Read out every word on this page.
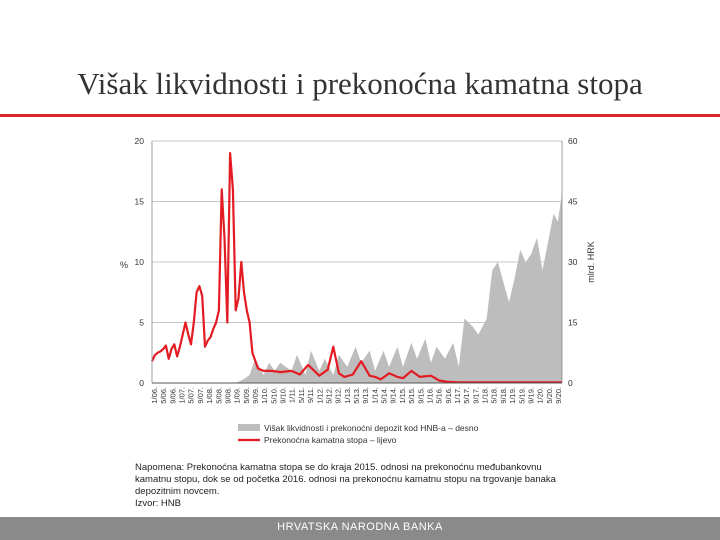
Višak likvidnosti i prekonoćna kamatna stopa
0
5
10
15
20
0
15
30
45
60
%	mlrd. HRK
1/06. 5/06. 9/06. 1/07. 5/07. 9/07. 1/08. 5/08. 9/08. 1/09. 5/09. 9/09. 1/10. 5/10. 9/10. 1/11. 5/11. 9/11. 1/12. 5/12. 9/12. 1/13. 5/13. 9/13. 1/14. 5/14. 9/14. 1/15. 5/15. 9/15. 1/16. 5/16. 9/16. 1/17. 5/17. 9/17. 1/18. 5/18. 9/18. 1/19. 5/19. 9/19. 1/20. 5/20. 9/20.
Višak likvidnosti i prekonoćni depozit kod HNB-a – desno
Prekonoćna kamatna stopa – lijevo
Napomena: Prekonoćna kamatna stopa se do kraja 2015. odnosi na prekonoćnu međubankovnu
kamatnu stopu, dok se od početka 2016. odnosi na prekonoćnu kamatnu stopu na trgovanje banaka
depozitnim novcem.
Izvor: HNB
HRVATSKA NARODNA BANKA
